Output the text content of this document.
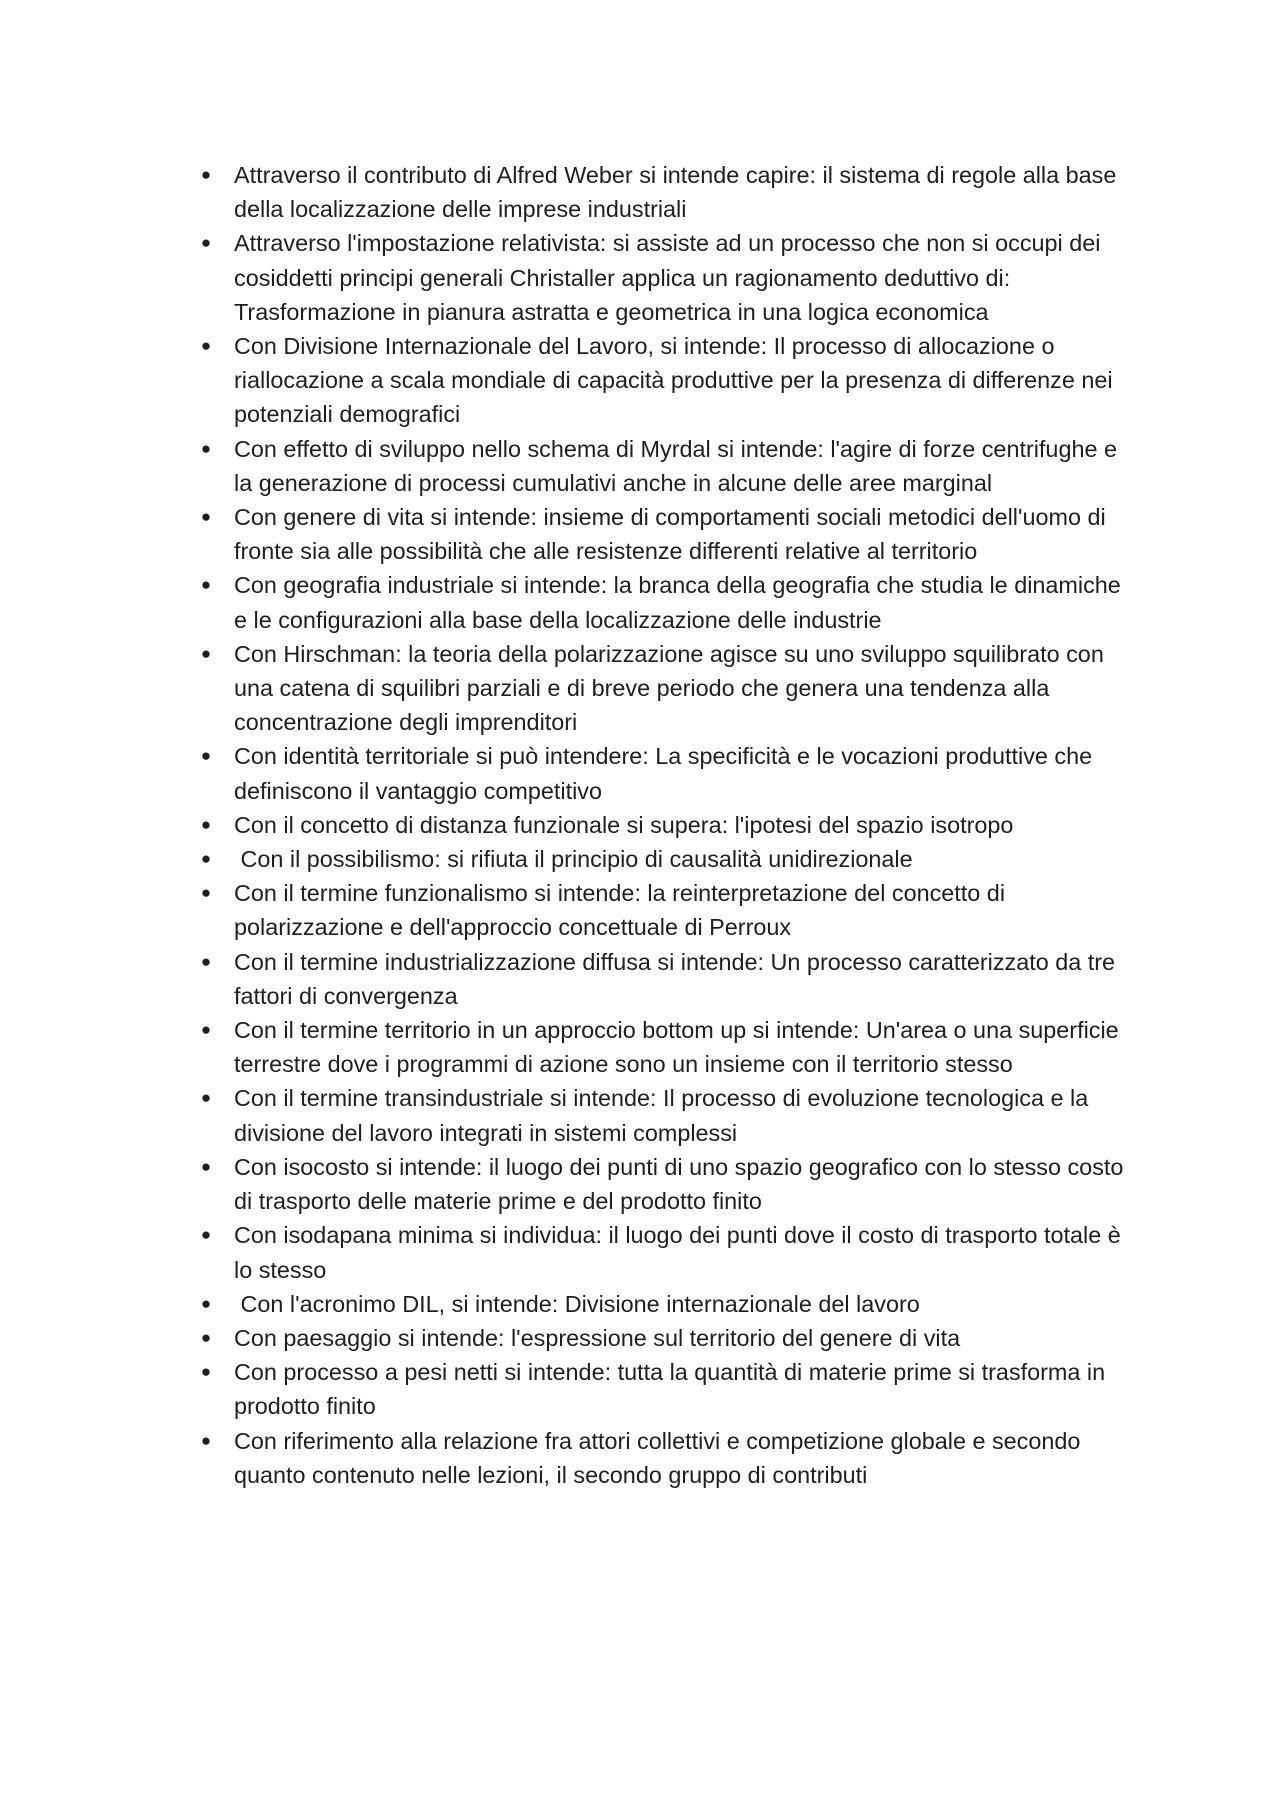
● Attraverso il contributo di Alfred Weber si intende capire: il sistema di regole alla base della localizzazione delle imprese industriali
● Attraverso l'impostazione relativista: si assiste ad un processo che non si occupi dei cosiddetti principi generali Christaller applica un ragionamento deduttivo di: Trasformazione in pianura astratta e geometrica in una logica economica
● Con Divisione Internazionale del Lavoro, si intende: Il processo di allocazione o riallocazione a scala mondiale di capacità produttive per la presenza di differenze nei potenziali demografici
● Con effetto di sviluppo nello schema di Myrdal si intende: l'agire di forze centrifughe e la generazione di processi cumulativi anche in alcune delle aree marginal
● Con genere di vita si intende: insieme di comportamenti sociali metodici dell'uomo di fronte sia alle possibilità che alle resistenze differenti relative al territorio
● Con geografia industriale si intende: la branca della geografia che studia le dinamiche e le configurazioni alla base della localizzazione delle industrie
● Con Hirschman: la teoria della polarizzazione agisce su uno sviluppo squilibrato con una catena di squilibri parziali e di breve periodo che genera una tendenza alla concentrazione degli imprenditori
● Con identità territoriale si può intendere: La specificità e le vocazioni produttive che definiscono il vantaggio competitivo
● Con il concetto di distanza funzionale si supera: l'ipotesi del spazio isotropo
● Con il possibilismo: si rifiuta il principio di causalità unidirezionale
● Con il termine funzionalismo si intende: la reinterpretazione del concetto di polarizzazione e dell'approccio concettuale di Perroux
● Con il termine industrializzazione diffusa si intende: Un processo caratterizzato da tre fattori di convergenza
● Con il termine territorio in un approccio bottom up si intende: Un'area o una superficie terrestre dove i programmi di azione sono un insieme con il territorio stesso
● Con il termine transindustriale si intende: Il processo di evoluzione tecnologica e la divisione del lavoro integrati in sistemi complessi
● Con isocosto si intende: il luogo dei punti di uno spazio geografico con lo stesso costo di trasporto delle materie prime e del prodotto finito
● Con isodapana minima si individua: il luogo dei punti dove il costo di trasporto totale è lo stesso
● Con l'acronimo DIL, si intende: Divisione internazionale del lavoro
● Con paesaggio si intende: l'espressione sul territorio del genere di vita
● Con processo a pesi netti si intende: tutta la quantità di materie prime si trasforma in prodotto finito
● Con riferimento alla relazione fra attori collettivi e competizione globale e secondo quanto contenuto nelle lezioni, il secondo gruppo di contributi
